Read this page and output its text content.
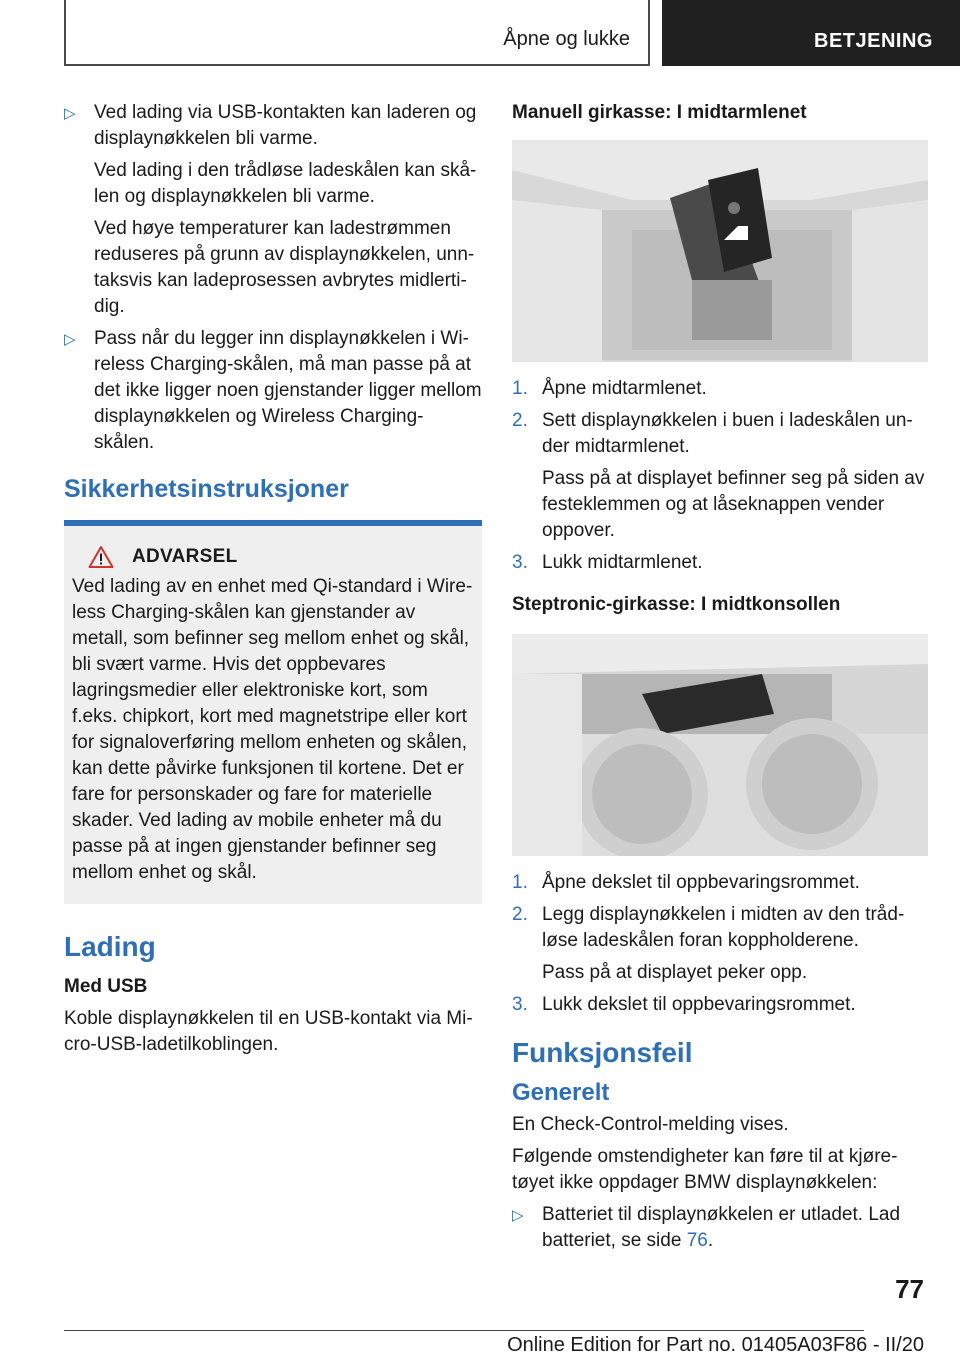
Åpne og lukke	BETJENING
▷ Ved lading via USB-kontakten kan laderen og displaynøkkelen bli varme.

Ved lading i den trådløse ladeskålen kan skålen og displaynøkkelen bli varme.

Ved høye temperaturer kan ladestrømmen reduseres på grunn av displaynøkkelen, unntaksvis kan ladeprosessen avbrytes midlertidig.

▷ Pass når du legger inn displaynøkkelen i Wireless Charging-skålen, må man passe på at det ikke ligger noen gjenstander ligger mellom displaynøkkelen og Wireless Charging-skålen.

Sikkerhetsinstruksjoner
ADVARSEL

Ved lading av en enhet med Qi-standard i Wireless Charging-skålen kan gjenstander av metall, som befinner seg mellom enhet og skål, bli svært varme. Hvis det oppbevares lagringsmedier eller elektroniske kort, som f.eks. chipkort, kort med magnetstripe eller kort for signaloverføring mellom enheten og skålen, kan dette påvirke funksjonen til kortene. Det er fare for personskader og fare for materielle skader. Ved lading av mobile enheter må du passe på at ingen gjenstander befinner seg mellom enhet og skål.

Lading
Med USB

Koble displaynøkkelen til en USB-kontakt via Micro-USB-ladetilkoblingen.

Manuell girkasse: I midtarmlenet
1. Åpne midtarmlenet.

2. Sett displaynøkkelen i buen i ladeskålen under midtarmlenet.

Pass på at displayet befinner seg på siden av festeklemmen og at låseknappen vender oppover.

3. Lukk midtarmlenet.

Steptronic-girkasse: I midtkonsollen
1. Åpne dekslet til oppbevaringsrommet.

2. Legg displaynøkkelen i midten av den trådløse ladeskålen foran koppholderene.

Pass på at displayet peker opp.

3. Lukk dekslet til oppbevaringsrommet.

Funksjonsfeil
Generelt

En Check-Control-melding vises.

Følgende omstendigheter kan føre til at kjøretøyet ikke oppdager BMW displaynøkkelen:

▷ Batteriet til displaynøkkelen er utladet. Lad batteriet, se side 76.

77
Online Edition for Part no. 01405A03F86 - II/20
